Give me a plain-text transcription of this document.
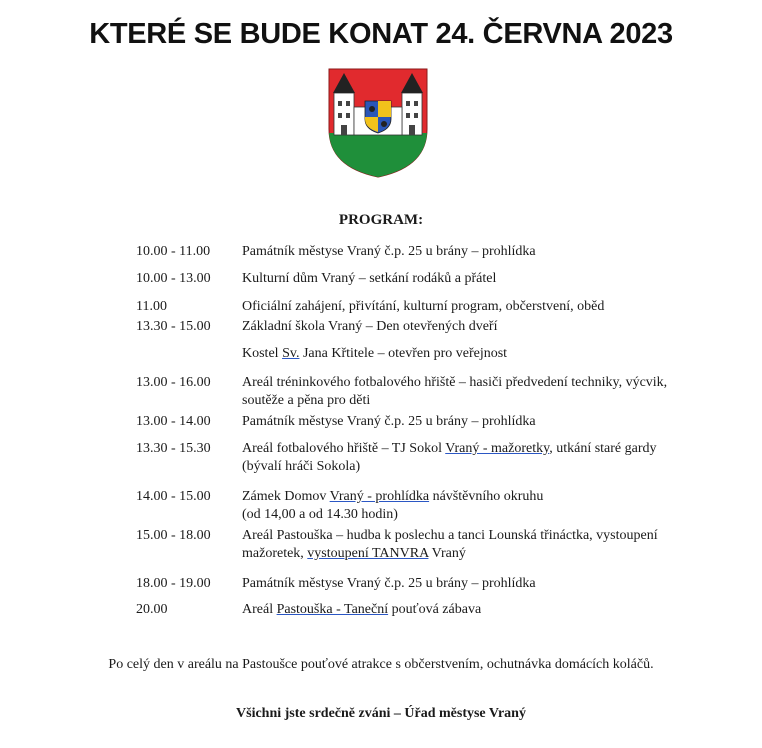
KTERÉ SE BUDE KONAT 24. ČERVNA 2023
PROGRAM:
10.00 - 11.00 Památník městyse Vraný č.p. 25 u brány – prohlídka
10.00 - 13.00 Kulturní dům Vraný – setkání rodáků a přátel
11.00	Oficiální zahájení, přivítání, kulturní program, občerstvení, oběd
13.30 - 15.00 Základní škola Vraný – Den otevřených dveří
Kostel Sv. Jana Křtitele – otevřen pro veřejnost
13.00 - 16.00 Areál tréninkového fotbalového hřiště – hasiči předvedení techniky, výcvik,
soutěže a pěna pro děti
13.00 - 14.00 Památník městyse Vraný č.p. 25 u brány – prohlídka
13.30 - 15.30 Areál fotbalového hřiště – TJ Sokol Vraný - mažoretky, utkání staré gardy
(bývalí hráči Sokola)
14.00 - 15.00 Zámek Domov Vraný - prohlídka návštěvního okruhu
(od 14,00 a od 14.30 hodin)
15.00 - 18.00 Areál Pastouška – hudba k poslechu a tanci Lounská třináctka, vystoupení
mažoretek, vystoupení TANVRA Vraný
18.00 - 19.00 Památník městyse Vraný č.p. 25 u brány – prohlídka
20.00	Areál Pastouška - Taneční pouťová zábava
Po celý den v areálu na Pastoušce pouťové atrakce s občerstvením, ochutnávka domácích koláčů.
Všichni jste srdečně zváni – Úřad městyse Vraný
